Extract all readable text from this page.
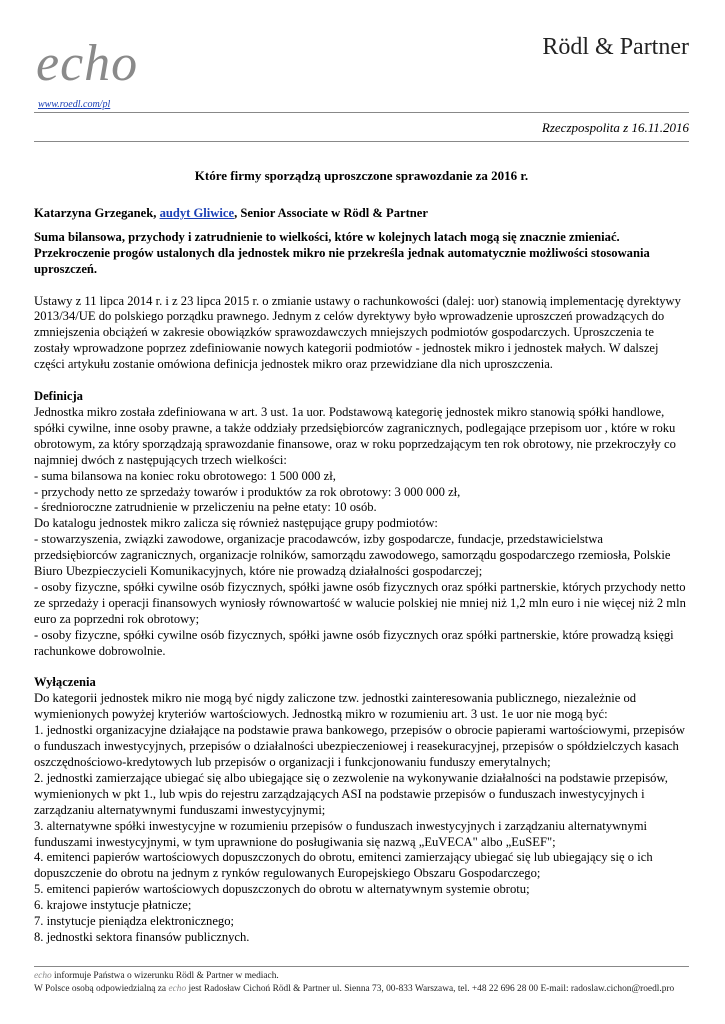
echo
www.roedl.com/pl
Rödl & Partner
Rzeczpospolita z 16.11.2016
Które firmy sporządzą uproszczone sprawozdanie za 2016 r.
Katarzyna Grzeganek, audyt Gliwice, Senior Associate w Rödl & Partner

Suma bilansowa, przychody i zatrudnienie to wielkości, które w kolejnych latach mogą się znacznie zmieniać. Przekroczenie progów ustalonych dla jednostek mikro nie przekreśla jednak automatycznie możliwości stosowania uproszczeń.

Ustawy z 11 lipca 2014 r. i z 23 lipca 2015 r. o zmianie ustawy o rachunkowości (dalej: uor) stanowią implementację dyrektywy 2013/34/UE do polskiego porządku prawnego. Jednym z celów dyrektywy było wprowadzenie uproszczeń prowadzących do zmniejszenia obciążeń w zakresie obowiązków sprawozdawczych mniejszych podmiotów gospodarczych. Uproszczenia te zostały wprowadzone poprzez zdefiniowanie nowych kategorii podmiotów - jednostek mikro i jednostek małych. W dalszej części artykułu zostanie omówiona definicja jednostek mikro oraz przewidziane dla nich uproszczenia.

Definicja

Jednostka mikro została zdefiniowana w art. 3 ust. 1a uor. Podstawową kategorię jednostek mikro stanowią spółki handlowe, spółki cywilne, inne osoby prawne, a także oddziały przedsiębiorców zagranicznych, podlegające przepisom uor , które w roku obrotowym, za który sporządzają sprawozdanie finansowe, oraz w roku poprzedzającym ten rok obrotowy, nie przekroczyły co najmniej dwóch z następujących trzech wielkości:

- suma bilansowa na koniec roku obrotowego: 1 500 000 zł,

- przychody netto ze sprzedaży towarów i produktów za rok obrotowy: 3 000 000 zł,

- średnioroczne zatrudnienie w przeliczeniu na pełne etaty: 10 osób.

Do katalogu jednostek mikro zalicza się również następujące grupy podmiotów:

- stowarzyszenia, związki zawodowe, organizacje pracodawców, izby gospodarcze, fundacje, przedstawicielstwa przedsiębiorców zagranicznych, organizacje rolników, samorządu zawodowego, samorządu gospodarczego rzemiosła, Polskie Biuro Ubezpieczycieli Komunikacyjnych, które nie prowadzą działalności gospodarczej;

- osoby fizyczne, spółki cywilne osób fizycznych, spółki jawne osób fizycznych oraz spółki partnerskie, których przychody netto ze sprzedaży i operacji finansowych wyniosły równowartość w walucie polskiej nie mniej niż 1,2 mln euro i nie więcej niż 2 mln euro za poprzedni rok obrotowy;

- osoby fizyczne, spółki cywilne osób fizycznych, spółki jawne osób fizycznych oraz spółki partnerskie, które prowadzą księgi rachunkowe dobrowolnie.

Wyłączenia

Do kategorii jednostek mikro nie mogą być nigdy zaliczone tzw. jednostki zainteresowania publicznego, niezależnie od wymienionych powyżej kryteriów wartościowych. Jednostką mikro w rozumieniu art. 3 ust. 1e uor nie mogą być:

1. jednostki organizacyjne działające na podstawie prawa bankowego, przepisów o obrocie papierami wartościowymi, przepisów o funduszach inwestycyjnych, przepisów o działalności ubezpieczeniowej i reasekuracyjnej, przepisów o spółdzielczych kasach oszczędnościowo-kredytowych lub przepisów o organizacji i funkcjonowaniu funduszy emerytalnych;

2. jednostki zamierzające ubiegać się albo ubiegające się o zezwolenie na wykonywanie działalności na podstawie przepisów, wymienionych w pkt 1., lub wpis do rejestru zarządzających ASI na podstawie przepisów o funduszach inwestycyjnych i zarządzaniu alternatywnymi funduszami inwestycyjnymi;

3. alternatywne spółki inwestycyjne w rozumieniu przepisów o funduszach inwestycyjnych i zarządzaniu alternatywnymi funduszami inwestycyjnymi, w tym uprawnione do posługiwania się nazwą „EuVECA" albo „EuSEF";

4. emitenci papierów wartościowych dopuszczonych do obrotu, emitenci zamierzający ubiegać się lub ubiegający się o ich dopuszczenie do obrotu na jednym z rynków regulowanych Europejskiego Obszaru Gospodarczego;

5. emitenci papierów wartościowych dopuszczonych do obrotu w alternatywnym systemie obrotu;

6. krajowe instytucje płatnicze;

7. instytucje pieniądza elektronicznego;

8. jednostki sektora finansów publicznych.

echo informuje Państwa o wizerunku Rödl & Partner w mediach.
W Polsce osobą odpowiedzialną za echo jest Radosław Cichoń Rödl & Partner ul. Sienna 73, 00-833 Warszawa, tel. +48 22 696 28 00 E-mail: radoslaw.cichon@roedl.pro
